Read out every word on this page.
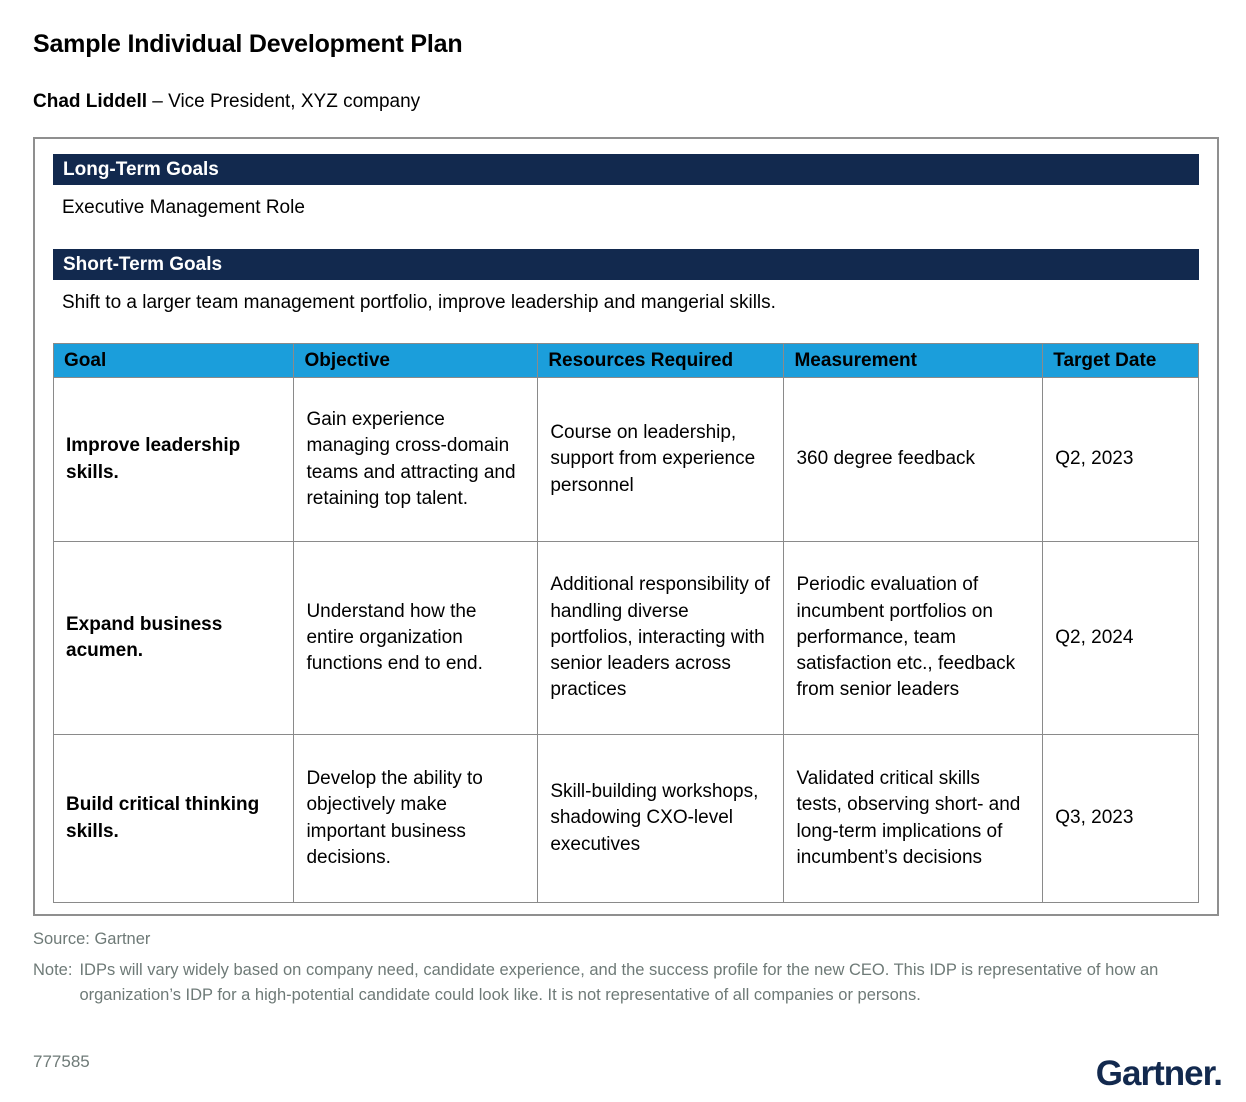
Sample Individual Development Plan

Chad Liddell – Vice President, XYZ company

Long-Term Goals
Executive Management Role
Short-Term Goals
Shift to a larger team management portfolio, improve leadership and mangerial skills.
Goal	Objective	Resources Required	Measurement	Target Date
Improve leadership skills.	Gain experience managing cross-domain teams and attracting and retaining top talent.	Course on leadership, support from experience personnel	360 degree feedback	Q2, 2023
Expand business acumen.	Understand how the entire organization functions end to end.	Additional responsibility of handling diverse portfolios, interacting with senior leaders across practices	Periodic evaluation of incumbent portfolios on performance, team satisfaction etc., feedback from senior leaders	Q2, 2024
Build critical thinking skills.	Develop the ability to objectively make important business decisions.	Skill-building workshops, shadowing CXO-level executives	Validated critical skills tests, observing short- and long-term implications of incumbent’s decisions	Q3, 2023
Source: Gartner
Note: IDPs will vary widely based on company need, candidate experience, and the success profile for the new CEO. This IDP is representative of how an organization’s IDP for a high-potential candidate could look like. It is not representative of all companies or persons.
777585	Gartner.
